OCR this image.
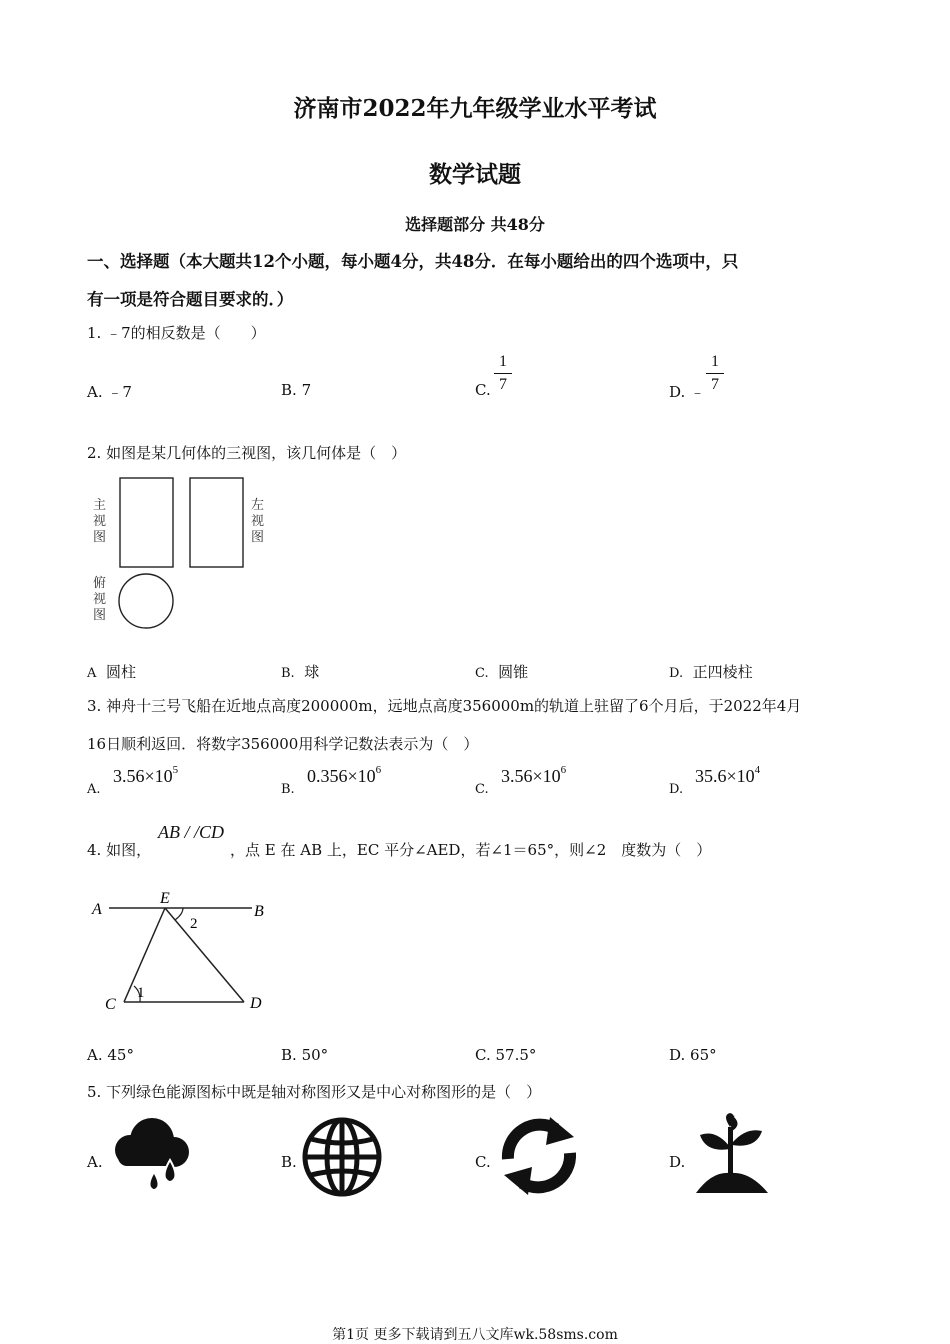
济南市2022年九年级学业水平考试
数学试题
选择题部分 共48分
一、选择题（本大题共12个小题，每小题4分，共48分．在每小题给出的四个选项中，只
有一项是符合题目要求的．）
1. ﹣7的相反数是（　　）
A. ﹣7	B. 7	C.
1
7	D. ﹣
1
7
2. 如图是某几何体的三视图，该几何体是（　）
主视图
左视图
俯视图
A 圆柱	B. 球	C. 圆锥	D. 正四棱柱
3. 神舟十三号飞船在近地点高度200000m，远地点高度356000m的轨道上驻留了6个月后，于2022年4月
16日顺利返回．将数字356000用科学记数法表示为（　）
A.
$3.56\times 10^5$
B.
$0.356\times 10^6$
C.
$3.56\times 10^6$
D.
$35.6\times 10^4$
4. 如图，
AB / /CD
，点 E 在 AB 上，EC 平分∠AED，若∠1＝65°，则∠2　度数为（　）
A
E
B
C	D
1
2
A. 45°	B. 50°	C. 57.5°	D. 65°
5. 下列绿色能源图标中既是轴对称图形又是中心对称图形的是（　）
A.	B.	C.	D.
第1页 更多下载请到五八文库wk.58sms.com
